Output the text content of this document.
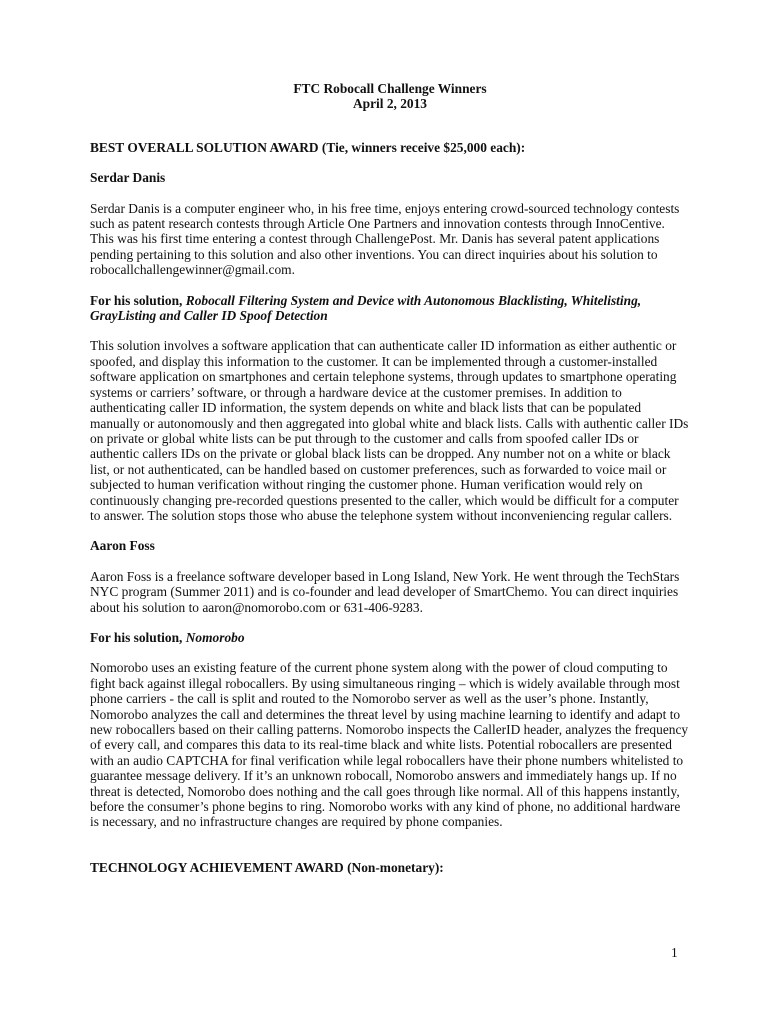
FTC Robocall Challenge Winners

April 2, 2013

BEST OVERALL SOLUTION AWARD (Tie, winners receive $25,000 each):

Serdar Danis

Serdar Danis is a computer engineer who, in his free time, enjoys entering crowd-sourced technology contests such as patent research contests through Article One Partners and innovation contests through InnoCentive. This was his first time entering a contest through ChallengePost. Mr. Danis has several patent applications pending pertaining to this solution and also other inventions. You can direct inquiries about his solution to robocallchallengewinner@gmail.com.

For his solution, Robocall Filtering System and Device with Autonomous Blacklisting, Whitelisting, GrayListing and Caller ID Spoof Detection

This solution involves a software application that can authenticate caller ID information as either authentic or spoofed, and display this information to the customer. It can be implemented through a customer-installed software application on smartphones and certain telephone systems, through updates to smartphone operating systems or carriers’ software, or through a hardware device at the customer premises. In addition to authenticating caller ID information, the system depends on white and black lists that can be populated manually or autonomously and then aggregated into global white and black lists. Calls with authentic caller IDs on private or global white lists can be put through to the customer and calls from spoofed caller IDs or authentic callers IDs on the private or global black lists can be dropped. Any number not on a white or black list, or not authenticated, can be handled based on customer preferences, such as forwarded to voice mail or subjected to human verification without ringing the customer phone. Human verification would rely on continuously changing pre-recorded questions presented to the caller, which would be difficult for a computer to answer. The solution stops those who abuse the telephone system without inconveniencing regular callers.

Aaron Foss

Aaron Foss is a freelance software developer based in Long Island, New York. He went through the TechStars NYC program (Summer 2011) and is co-founder and lead developer of SmartChemo. You can direct inquiries about his solution to aaron@nomorobo.com or 631-406-9283.

For his solution, Nomorobo

Nomorobo uses an existing feature of the current phone system along with the power of cloud computing to fight back against illegal robocallers. By using simultaneous ringing – which is widely available through most phone carriers - the call is split and routed to the Nomorobo server as well as the user’s phone. Instantly, Nomorobo analyzes the call and determines the threat level by using machine learning to identify and adapt to new robocallers based on their calling patterns. Nomorobo inspects the CallerID header, analyzes the frequency of every call, and compares this data to its real-time black and white lists. Potential robocallers are presented with an audio CAPTCHA for final verification while legal robocallers have their phone numbers whitelisted to guarantee message delivery. If it’s an unknown robocall, Nomorobo answers and immediately hangs up. If no threat is detected, Nomorobo does nothing and the call goes through like normal. All of this happens instantly, before the consumer’s phone begins to ring. Nomorobo works with any kind of phone, no additional hardware is necessary, and no infrastructure changes are required by phone companies.

TECHNOLOGY ACHIEVEMENT AWARD (Non-monetary):

1
